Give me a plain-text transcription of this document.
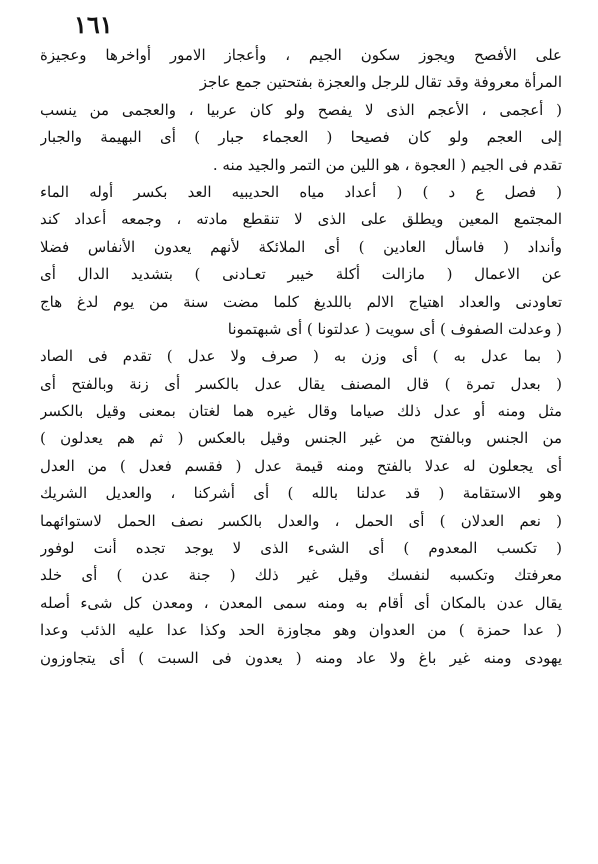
١٦١
على الأفصح ويجوز سكون الجيم ، وأعجاز الامور أواخرها وعجيزة
المرأة معروفة وقد تقال للرجل والعجزة بفتحتين جمع عاجز
( أعجمى ، الأعجم الذى لا يفصح ولو كان عربيا ، والعجمى من ينسب
إلى العجم ولو كان فصيحا ( العجماء جبار ) أى البهيمة والجبار
تقدم فى الجيم ( العجوة ، هو اللين من التمر والجيد منه .
( فصل ع د ) ( أعداد مياه الحديبيه العد بكسر أوله الماء
المجتمع المعين ويطلق على الذى لا تنقطع مادته ، وجمعه أعداد كند
وأنداد ( فاسأل العادين ) أى الملائكة لأنهم يعدون الأنفاس فضلا
عن الاعمال ( مازالت أكلة خيبر تعـادنى ) بتشديد الدال أى
تعاودنى والعداد اهتياج الالم باللديغ كلما مضت سنة من يوم لدغ هاج
( وعدلت الصفوف ) أى سويت ( عدلتونا ) أى شبهتمونا
( بما عدل به ) أى وزن به ( صرف ولا عدل ) تقدم فى الصاد
( بعدل تمرة ) قال المصنف يقال عدل بالكسر أى زنة وبالفتح أى
مثل ومنه أو عدل ذلك صياما وقال غيره هما لغتان بمعنى وقيل بالكسر
من الجنس وبالفتح من غير الجنس وقيل بالعكس ( ثم هم يعدلون )
أى يجعلون له عدلا بالفتح ومنه قيمة عدل ( فقسم فعدل ) من العدل
وهو الاستقامة ( قد عدلنا بالله ) أى أشركنا ، والعديل الشريك
( نعم العدلان ) أى الحمل ، والعدل بالكسر نصف الحمل لاستوائهما
( تكسب المعدوم ) أى الشىء الذى لا يوجد تجده أنت لوفور
معرفتك وتكسبه لنفسك وقيل غير ذلك ( جنة عدن ) أى خلد
يقال عدن بالمكان أى أقام به ومنه سمى المعدن ، ومعدن كل شىء أصله
( عدا حمزة ) من العدوان وهو مجاوزة الحد وكذا عدا عليه الذئب وعدا
يهودى ومنه غير باغ ولا عاد ومنه ( يعدون فى السبت ) أى يتجاوزون
